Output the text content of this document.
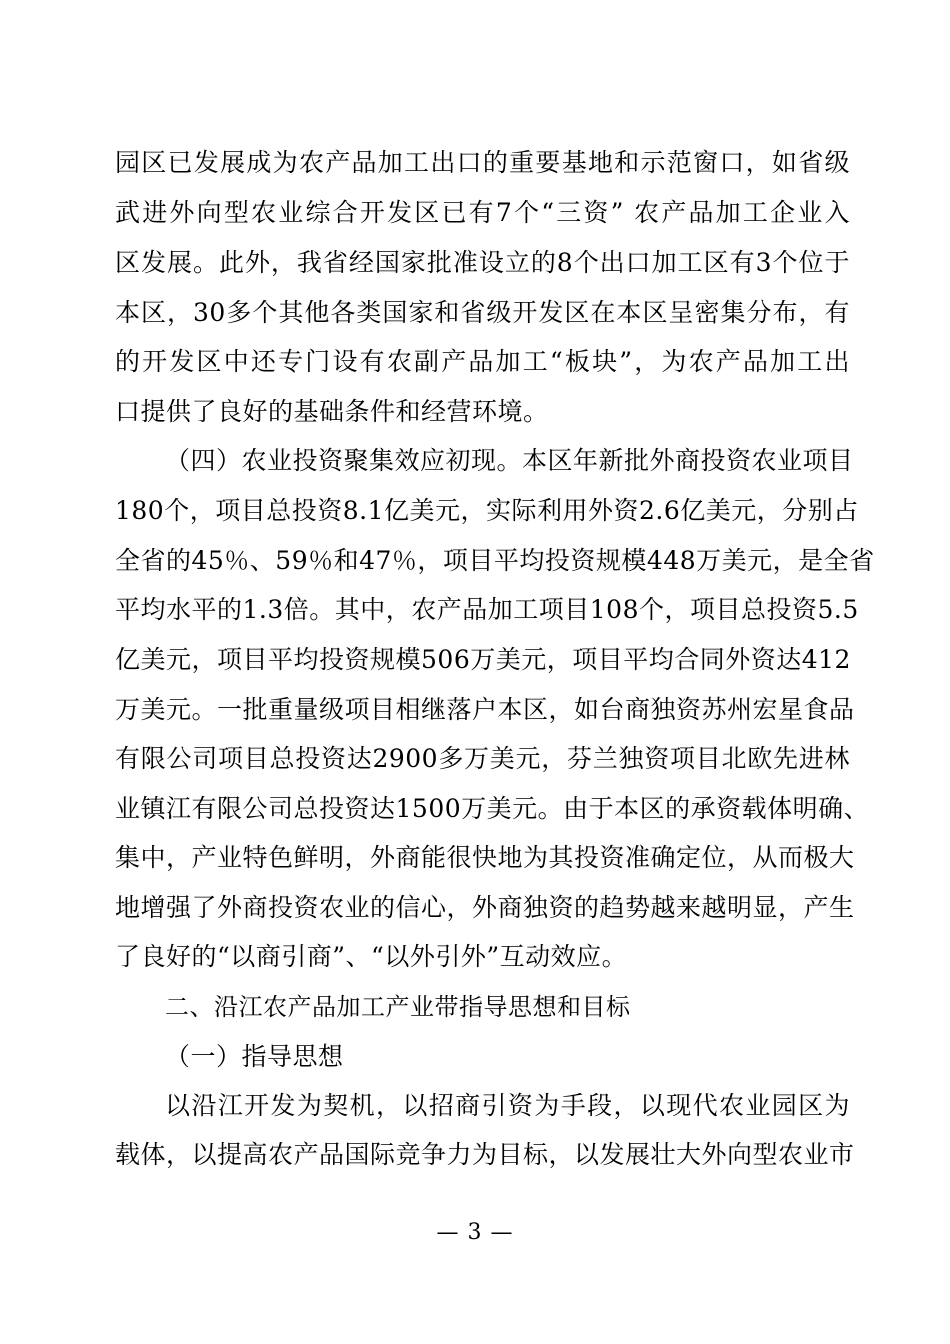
园区已发展成为农产品加工出口的重要基地和示范窗口，如省级
武进外向型农业综合开发区已有7个“三资” 农产品加工企业入
区发展。此外，我省经国家批准设立的8个出口加工区有3个位于
本区，30多个其他各类国家和省级开发区在本区呈密集分布，有
的开发区中还专门设有农副产品加工“板块”，为农产品加工出
口提供了良好的基础条件和经营环境。
（四）农业投资聚集效应初现。本区年新批外商投资农业项目
180个，项目总投资8.1亿美元，实际利用外资2.6亿美元，分别占
全省的45％、59％和47％，项目平均投资规模448万美元，是全省
平均水平的1.3倍。其中，农产品加工项目108个，项目总投资5.5
亿美元，项目平均投资规模506万美元，项目平均合同外资达412
万美元。一批重量级项目相继落户本区，如台商独资苏州宏星食品
有限公司项目总投资达2900多万美元，芬兰独资项目北欧先进林
业镇江有限公司总投资达1500万美元。由于本区的承资载体明确、
集中，产业特色鲜明，外商能很快地为其投资准确定位，从而极大
地增强了外商投资农业的信心，外商独资的趋势越来越明显，产生
了良好的“以商引商”、“以外引外”互动效应。
二、沿江农产品加工产业带指导思想和目标
（一）指导思想
以沿江开发为契机，以招商引资为手段，以现代农业园区为
载体，以提高农产品国际竞争力为目标，以发展壮大外向型农业市
— 3 —
